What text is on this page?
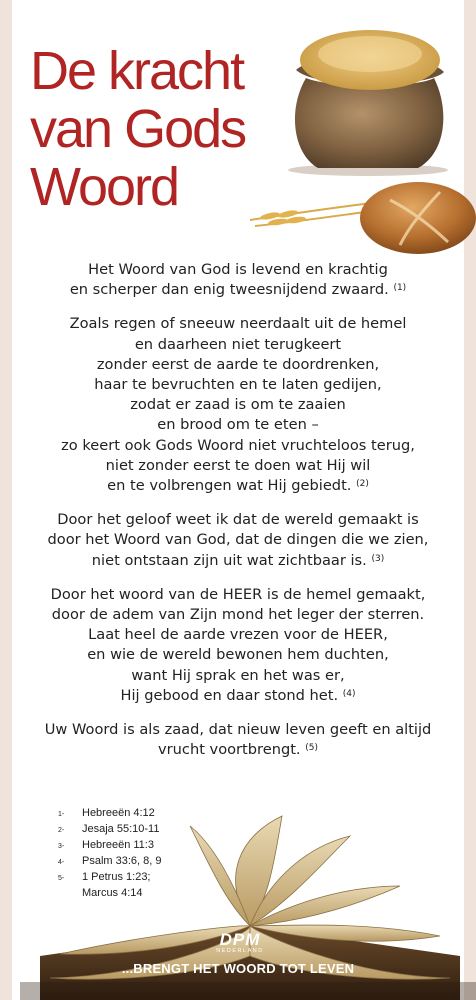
De kracht
van Gods
Woord
Het Woord van God is levend en krachtig
en scherper dan enig tweesnijdend zwaard. $^{(1)}$
Zoals regen of sneeuw neerdaalt uit de hemel
en daarheen niet terugkeert
zonder eerst de aarde te doordrenken,
haar te bevruchten en te laten gedijen,
zodat er zaad is om te zaaien
en brood om te eten –
zo keert ook Gods Woord niet vruchteloos terug,
niet zonder eerst te doen wat Hij wil
en te volbrengen wat Hij gebiedt. $^{(2)}$
Door het geloof weet ik dat de wereld gemaakt is
door het Woord van God, dat de dingen die we zien,
niet ontstaan zijn uit wat zichtbaar is. $^{(3)}$
Door het woord van de HEER is de hemel gemaakt,
door de adem van Zijn mond het leger der sterren.
Laat heel de aarde vrezen voor de HEER,
en wie de wereld bewonen hem duchten,
want Hij sprak en het was er,
Hij gebood en daar stond het. $^{(4)}$
Uw Woord is als zaad, dat nieuw leven geeft en altijd
vrucht voortbrengt. $^{(5)}$
1-	Hebreeën 4:12
2-	Jesaja 55:10-11
3-	Hebreeën 11:3
4-	Psalm 33:6, 8, 9
5-	1 Petrus 1:23;
Marcus 4:14
DPM
NEDERLAND
...BRENGT HET WOORD TOT LEVEN
